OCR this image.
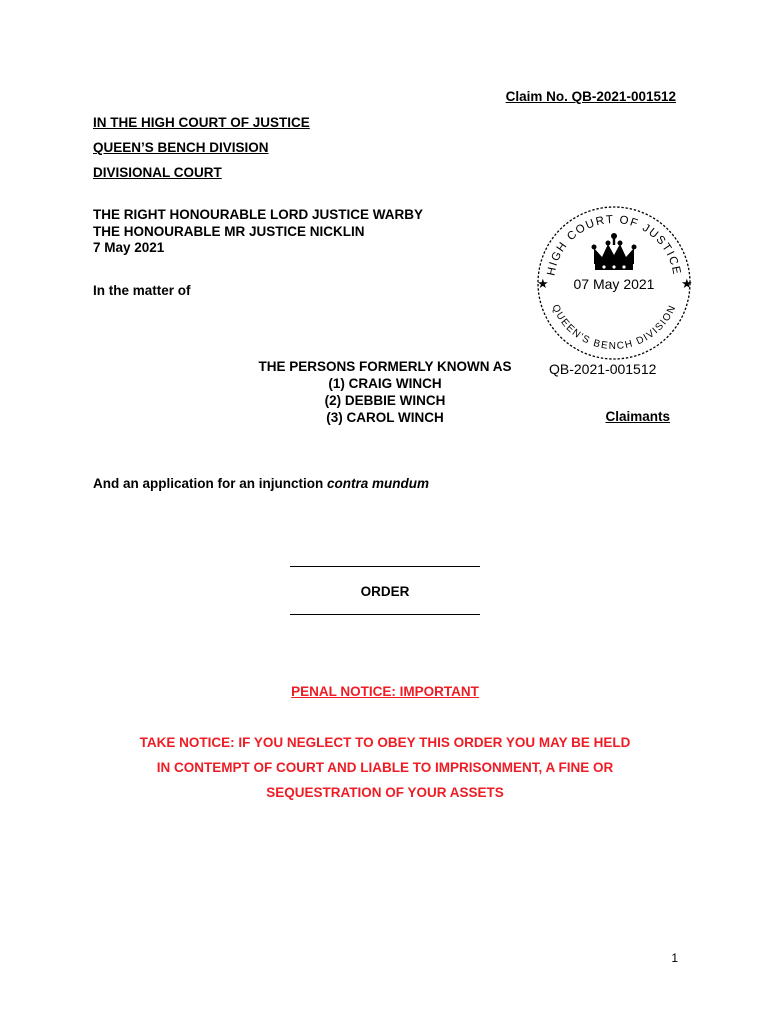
Claim No. QB-2021-001512
IN THE HIGH COURT OF JUSTICE
QUEEN’S BENCH DIVISION
DIVISIONAL COURT
THE RIGHT HONOURABLE LORD JUSTICE WARBY
THE HONOURABLE MR JUSTICE NICKLIN
7 May 2021
In the matter of
THE PERSONS FORMERLY KNOWN AS
(1) CRAIG WINCH
(2) DEBBIE WINCH
(3) CAROL WINCH	Claimants
And an application for an injunction contra mundum
HIGH COURT OF JUSTICE
★	★
07 May 2021
QUEEN'S BENCH DIVISION
QB-2021-001512
ORDER
PENAL NOTICE: IMPORTANT
TAKE NOTICE: IF YOU NEGLECT TO OBEY THIS ORDER YOU MAY BE HELD
IN CONTEMPT OF COURT AND LIABLE TO IMPRISONMENT, A FINE OR
SEQUESTRATION OF YOUR ASSETS
1
